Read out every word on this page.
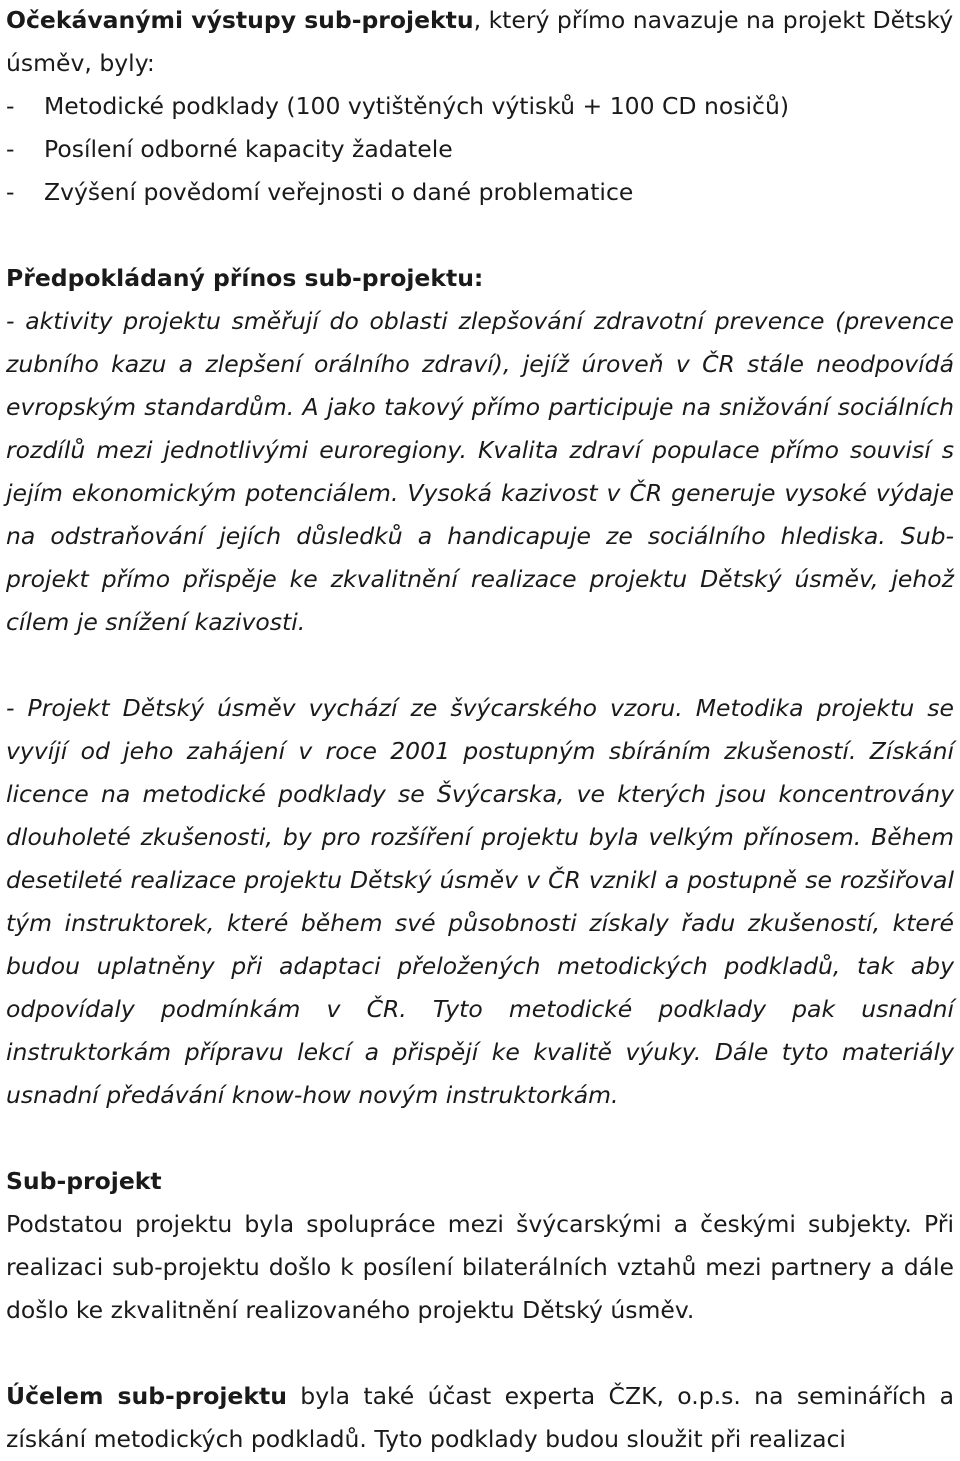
Očekávanými výstupy sub-projektu, který přímo navazuje na projekt Dětský úsměv, byly:

- Metodické podklady (100 vytištěných výtisků + 100 CD nosičů)
- Posílení odborné kapacity žadatele
- Zvýšení povědomí veřejnosti o dané problematice

Předpokládaný přínos sub-projektu:

- aktivity projektu směřují do oblasti zlepšování zdravotní prevence (prevence zubního kazu a zlepšení orálního zdraví), jejíž úroveň v ČR stále neodpovídá evropským standardům. A jako takový přímo participuje na snižování sociálních rozdílů mezi jednotlivými euroregiony. Kvalita zdraví populace přímo souvisí s jejím ekonomickým potenciálem. Vysoká kazivost v ČR generuje vysoké výdaje na odstraňování jejích důsledků a handicapuje ze sociálního hlediska. Sub-projekt přímo přispěje ke zkvalitnění realizace projektu Dětský úsměv, jehož cílem je snížení kazivosti.

- Projekt Dětský úsměv vychází ze švýcarského vzoru. Metodika projektu se vyvíjí od jeho zahájení v roce 2001 postupným sbíráním zkušeností. Získání licence na metodické podklady se Švýcarska, ve kterých jsou koncentrovány dlouholeté zkušenosti, by pro rozšíření projektu byla velkým přínosem. Během desetileté realizace projektu Dětský úsměv v ČR vznikl a postupně se rozšiřoval tým instruktorek, které během své působnosti získaly řadu zkušeností, které budou uplatněny při adaptaci přeložených metodických podkladů, tak aby odpovídaly podmínkám v ČR. Tyto metodické podklady pak usnadní instruktorkám přípravu lekcí a přispějí ke kvalitě výuky. Dále tyto materiály usnadní předávání know-how novým instruktorkám.

Sub-projekt

Podstatou projektu byla spolupráce mezi švýcarskými a českými subjekty. Při realizaci sub-projektu došlo k posílení bilaterálních vztahů mezi partnery a dále došlo ke zkvalitnění realizovaného projektu Dětský úsměv.

Účelem sub-projektu byla také účast experta ČZK, o.p.s. na seminářích a získání metodických podkladů. Tyto podklady budou sloužit při realizaci
